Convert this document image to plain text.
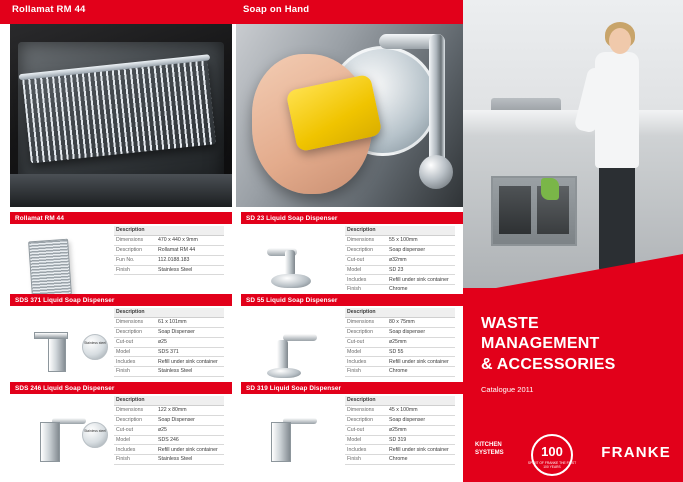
Rollamat RM 44	Soap on Hand
Rollamat RM 44
Description	
Dimensions	470 x 440 x 9mm
Description	Rollamat RM 44
Fun No.	112.0188.183
Finish	Stainless Steel
SD 23 Liquid Soap Dispenser
Description	
Dimensions	55 x 100mm
Description	Soap dispenser
Cut-out	ø32mm
Model	SD 23
Includes	Refill under sink container
Finish	Chrome
SDS 371 Liquid Soap Dispenser
Stainless steel
Description	
Dimensions	61 x 101mm
Description	Soap Dispenser
Cut-out	ø25
Model	SDS 371
Includes	Refill under sink container
Finish	Stainless Steel
SD 55 Liquid Soap Dispenser
Description	
Dimensions	80 x 75mm
Description	Soap dispenser
Cut-out	ø25mm
Model	SD 55
Includes	Refill under sink container
Finish	Chrome
SDS 246 Liquid Soap Dispenser
Stainless steel
Description	
Dimensions	122 x 80mm
Description	Soap Dispenser
Cut-out	ø25
Model	SDS 246
Includes	Refill under sink container
Finish	Stainless Steel
SD 319 Liquid Soap Dispenser
Description	
Dimensions	45 x 100mm
Description	Soap dispenser
Cut-out	ø25mm
Model	SD 319
Includes	Refill under sink container
Finish	Chrome
WASTE
MANAGEMENT
& ACCESSORIES
Catalogue 2011
KITCHEN
SYSTEMS	100
SPIRIT OF FRANKE THE FIRST 100 YEARS
FRANKE
